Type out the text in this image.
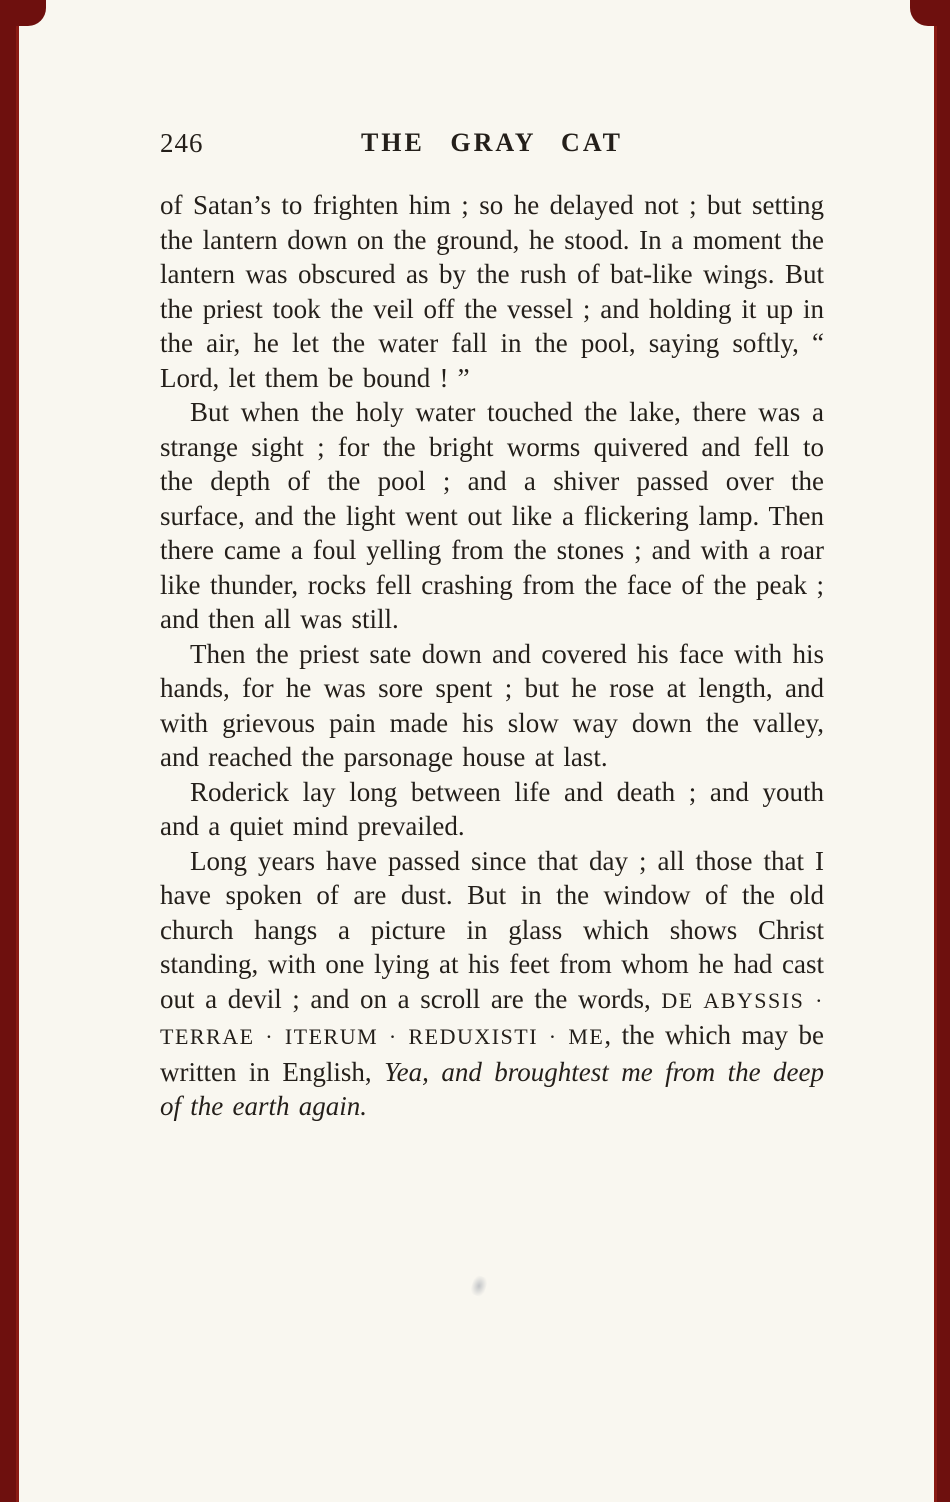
246	THE GRAY CAT

of Satan’s to frighten him ; so he delayed not ; but setting the lantern down on the ground, he stood. In a moment the lantern was obscured as by the rush of bat-like wings. But the priest took the veil off the vessel ; and holding it up in the air, he let the water fall in the pool, saying softly, “ Lord, let them be bound ! ”

But when the holy water touched the lake, there was a strange sight ; for the bright worms quivered and fell to the depth of the pool ; and a shiver passed over the surface, and the light went out like a flickering lamp. Then there came a foul yelling from the stones ; and with a roar like thunder, rocks fell crashing from the face of the peak ; and then all was still.

Then the priest sate down and covered his face with his hands, for he was sore spent ; but he rose at length, and with grievous pain made his slow way down the valley, and reached the parsonage house at last.

Roderick lay long between life and death ; and youth and a quiet mind prevailed.

Long years have passed since that day ; all those that I have spoken of are dust. But in the window of the old church hangs a picture in glass which shows Christ standing, with one lying at his feet from whom he had cast out a devil ; and on a scroll are the words, DE ABYSSIS · TERRAE · ITERUM · REDUXISTI · ME, the which may be written in English, Yea, and broughtest me from the deep of the earth again.
